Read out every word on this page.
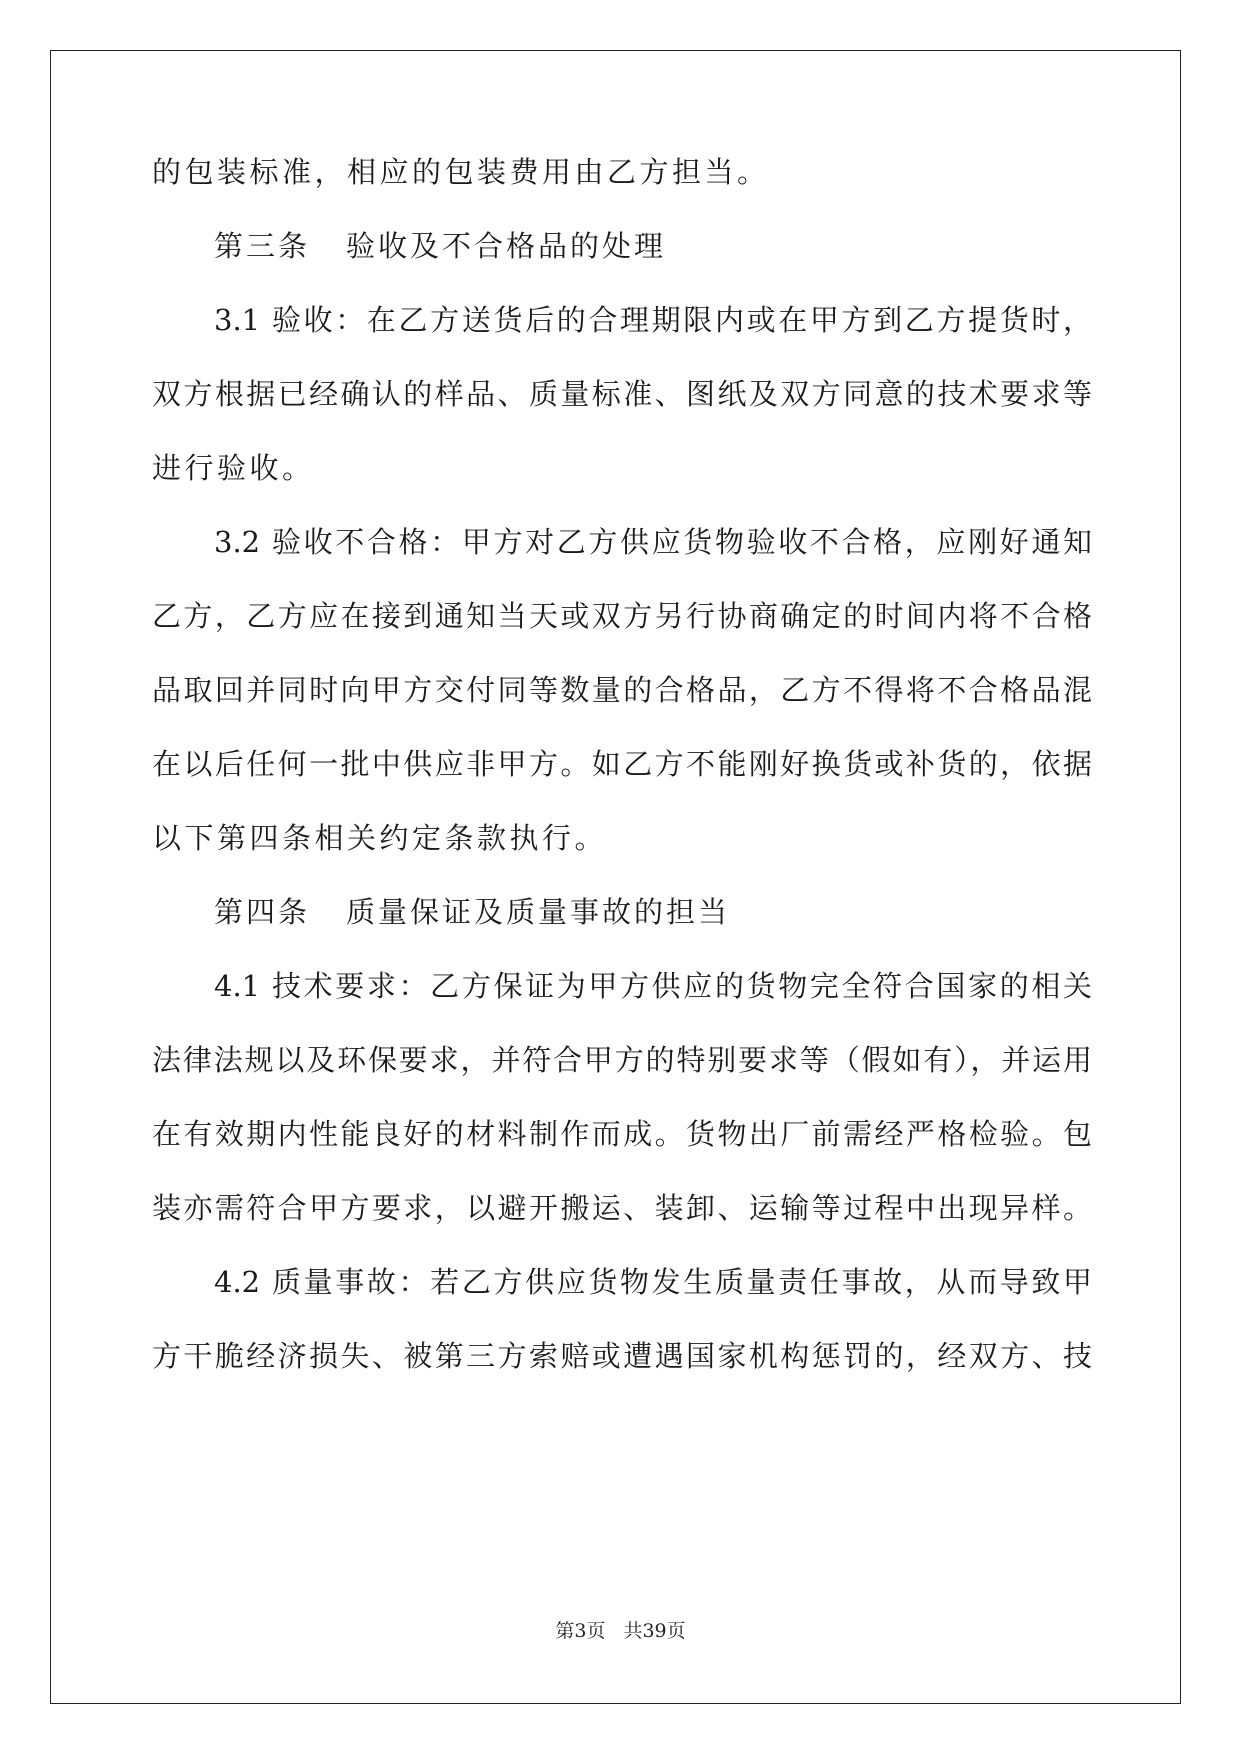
的包装标准，相应的包装费用由乙方担当。
第三条 验收及不合格品的处理
3.1 验收：在乙方送货后的合理期限内或在甲方到乙方提货时，
双方根据已经确认的样品、质量标准、图纸及双方同意的技术要求等
进行验收。
3.2 验收不合格：甲方对乙方供应货物验收不合格，应刚好通知
乙方，乙方应在接到通知当天或双方另行协商确定的时间内将不合格
品取回并同时向甲方交付同等数量的合格品，乙方不得将不合格品混
在以后任何一批中供应非甲方。如乙方不能刚好换货或补货的，依据
以下第四条相关约定条款执行。
第四条 质量保证及质量事故的担当
4.1 技术要求：乙方保证为甲方供应的货物完全符合国家的相关
法律法规以及环保要求，并符合甲方的特别要求等（假如有），并运用
在有效期内性能良好的材料制作而成。货物出厂前需经严格检验。包
装亦需符合甲方要求，以避开搬运、装卸、运输等过程中出现异样。
4.2 质量事故：若乙方供应货物发生质量责任事故，从而导致甲
方干脆经济损失、被第三方索赔或遭遇国家机构惩罚的，经双方、技
第3页 共39页
